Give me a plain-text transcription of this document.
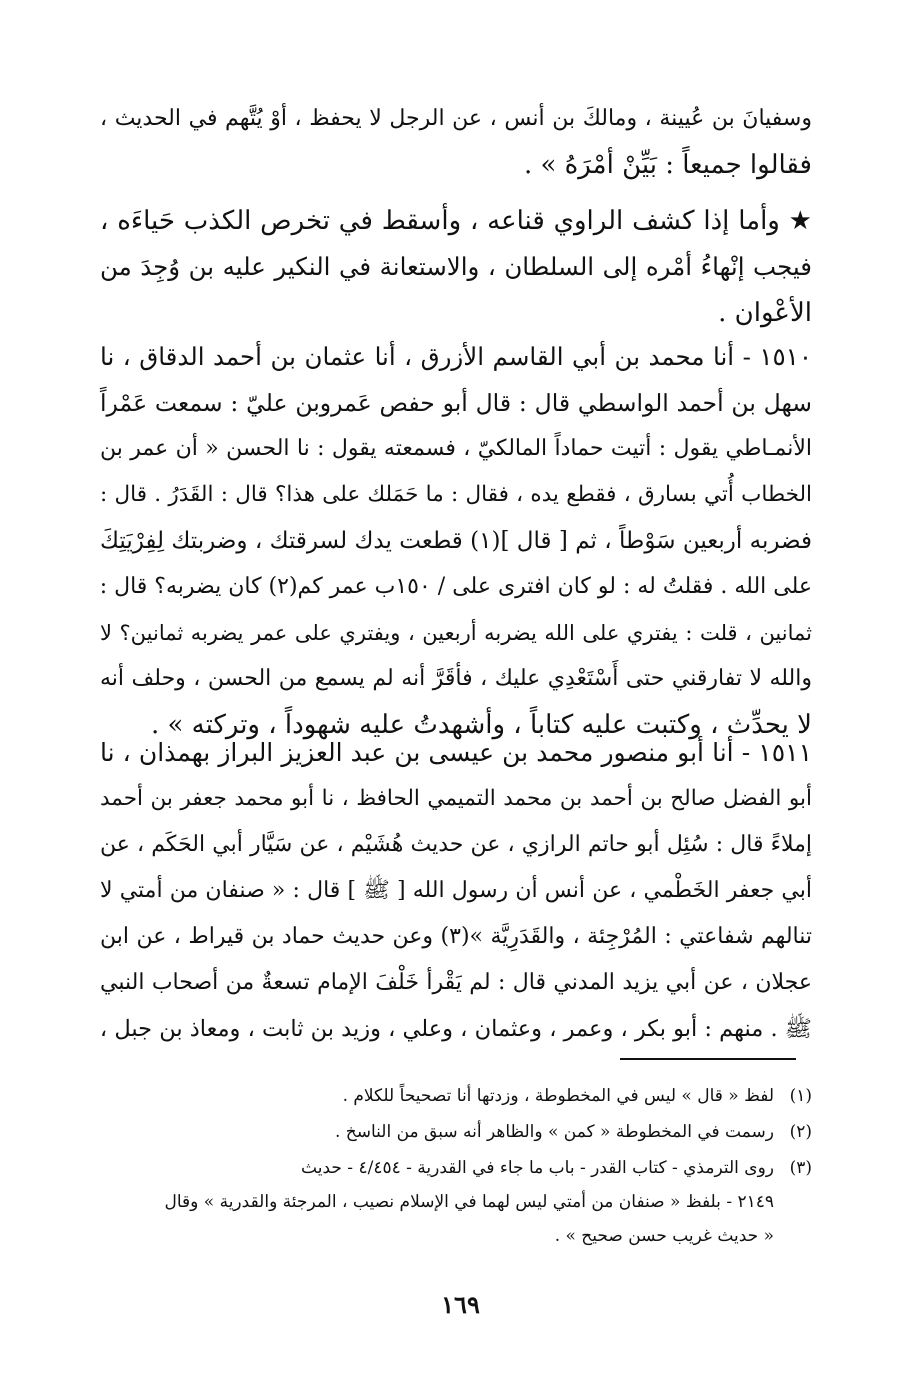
وسفيانَ بن عُيينة ، ومالكَ بن أنس ، عن الرجل لا يحفظ ، أوْ يُتَّهم في الحديث ،
فقالوا جميعاً : بَيِّنْ أمْرَهُ » .
★ وأما إذا كشف الراوي قناعه ، وأسقط في تخرص الكذب حَياءَه ،
فيجب إنْهاءُ أمْره إلى السلطان ، والاستعانة في النكير عليه بن وُجِدَ من
الأعْوان .
١٥١٠ - أنا محمد بن أبي القاسم الأزرق ، أنا عثمان بن أحمد الدقاق ، نا
سهل بن أحمد الواسطي قال : قال أبو حفص عَمروبن عليّ : سمعت عَمْراً
الأنمـاطي يقول : أتيت حماداً المالكيّ ، فسمعته يقول : نا الحسن « أن عمر بن
الخطاب أُتي بسارق ، فقطع يده ، فقال : ما حَمَلك على هذا؟ قال : القَدَرُ . قال :
فضربه أربعين سَوْطاً ، ثم [ قال ](١) قطعت يدك لسرقتك ، وضربتك لِفِرْيَتِكَ
على الله . فقلتُ له : لو كان افترى على / ١٥٠ب عمر كم(٢) كان يضربه؟ قال :
ثمانين ، قلت : يفتري على الله يضربه أربعين ، ويفتري على عمر يضربه ثمانين؟ لا
والله لا تفارقني حتى أَسْتَعْدِي عليك ، فأقَرَّ أنه لم يسمع من الحسن ، وحلف أنه
لا يحدِّث ، وكتبت عليه كتاباً ، وأشهدتُ عليه شهوداً ، وتركته » .
١٥١١ - أنا أبو منصور محمد بن عيسى بن عبد العزيز البراز بهمذان ، نا
أبو الفضل صالح بن أحمد بن محمد التميمي الحافظ ، نا أبو محمد جعفر بن أحمد
إملاءً قال : سُئِل أبو حاتم الرازي ، عن حديث هُشَيْم ، عن سَيَّار أبي الحَكَم ، عن
أبي جعفر الخَطْمي ، عن أنس أن رسول الله [ ﷺ ] قال : « صنفان من أمتي لا
تنالهم شفاعتي : المُرْجِئة ، والقَدَرِيَّة »(٣) وعن حديث حماد بن قيراط ، عن ابن
عجلان ، عن أبي يزيد المدني قال : لم يَقْرأ خَلْفَ الإمام تسعةٌ من أصحاب النبي
ﷺ . منهم : أبو بكر ، وعمر ، وعثمان ، وعلي ، وزيد بن ثابت ، ومعاذ بن جبل ،
(١)لفظ « قال » ليس في المخطوطة ، وزدتها أنا تصحيحاً للكلام .
(٢)رسمت في المخطوطة « كمن » والظاهر أنه سبق من الناسخ .
(٣)روى الترمذي - كتاب القدر - باب ما جاء في القدرية - ٤/٤٥٤ - حديث
٢١٤٩ - بلفظ « صنفان من أمتي ليس لهما في الإسلام نصيب ، المرجئة والقدرية » وقال
« حديث غريب حسن صحيح » .
١٦٩
